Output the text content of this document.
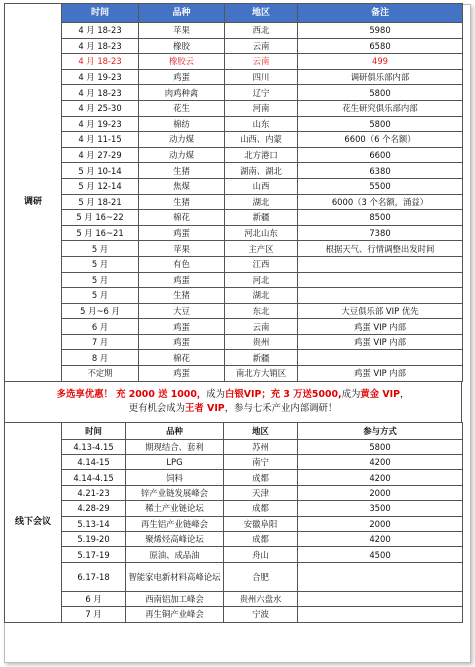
	时间	品种	地区	备注
调研	4 月 18-23	苹果	西北	5980
	4 月 18-23	橡胶	云南	6580
	4 月 18-23	橡胶云	云南	499
	4 月 19-23	鸡蛋	四川	调研俱乐部内部
	4 月 18-23	肉鸡种禽	辽宁	5800
	4 月 25-30	花生	河南	花生研究俱乐部内部
	4 月 19-23	棉纺	山东	5800
	4 月 11-15	动力煤	山西、内蒙	6600（6 个名额）
	4 月 27-29	动力煤	北方港口	6600
	5 月 10-14	生猪	湖南、湖北	6380
	5 月 12-14	焦煤	山西	5500
	5 月 18-21	生猪	湖北	6000（3 个名额，涌益）
	5 月 16~22	棉花	新疆	8500
	5 月 16~21	鸡蛋	河北山东	7380
	5 月	苹果	主产区	根据天气、行情调整出发时间
	5 月	有色	江西	
	5 月	鸡蛋	河北	
	5 月	生猪	湖北	
	5 月~6 月	大豆	东北	大豆俱乐部 VIP 优先
	6 月	鸡蛋	云南	鸡蛋 VIP 内部
	7 月	鸡蛋	贵州	鸡蛋 VIP 内部
	8 月	棉花	新疆	
	不定期	鸡蛋	南北方大销区	鸡蛋 VIP 内部
多选享优惠！ 充 2000 送 1000，成为白银VIP；充 3 万送5000,成为黄金 VIP，
更有机会成为王者 VIP，参与七禾产业内部调研！
线下会议	时间	品种	地区	参与方式
	4.13-4.15	期现结合、套利	苏州	5800
	4.14-15	LPG	南宁	4200
	4.14-4.15	饲料	成都	4200
	4.21-23	锌产业链发展峰会	天津	2000
	4.28-29	稀土产业链论坛	成都	3500
	5.13-14	再生铝产业链峰会	安徽阜阳	2000
	5.19-20	聚烯烃高峰论坛	成都	4200
	5.17-19	原油、成品油	舟山	4500
	6.17-18	智能家电新材料高峰论坛	合肥	
	6 月	西南铝加工峰会	贵州六盘水	
	7 月	再生铜产业峰会	宁波	
